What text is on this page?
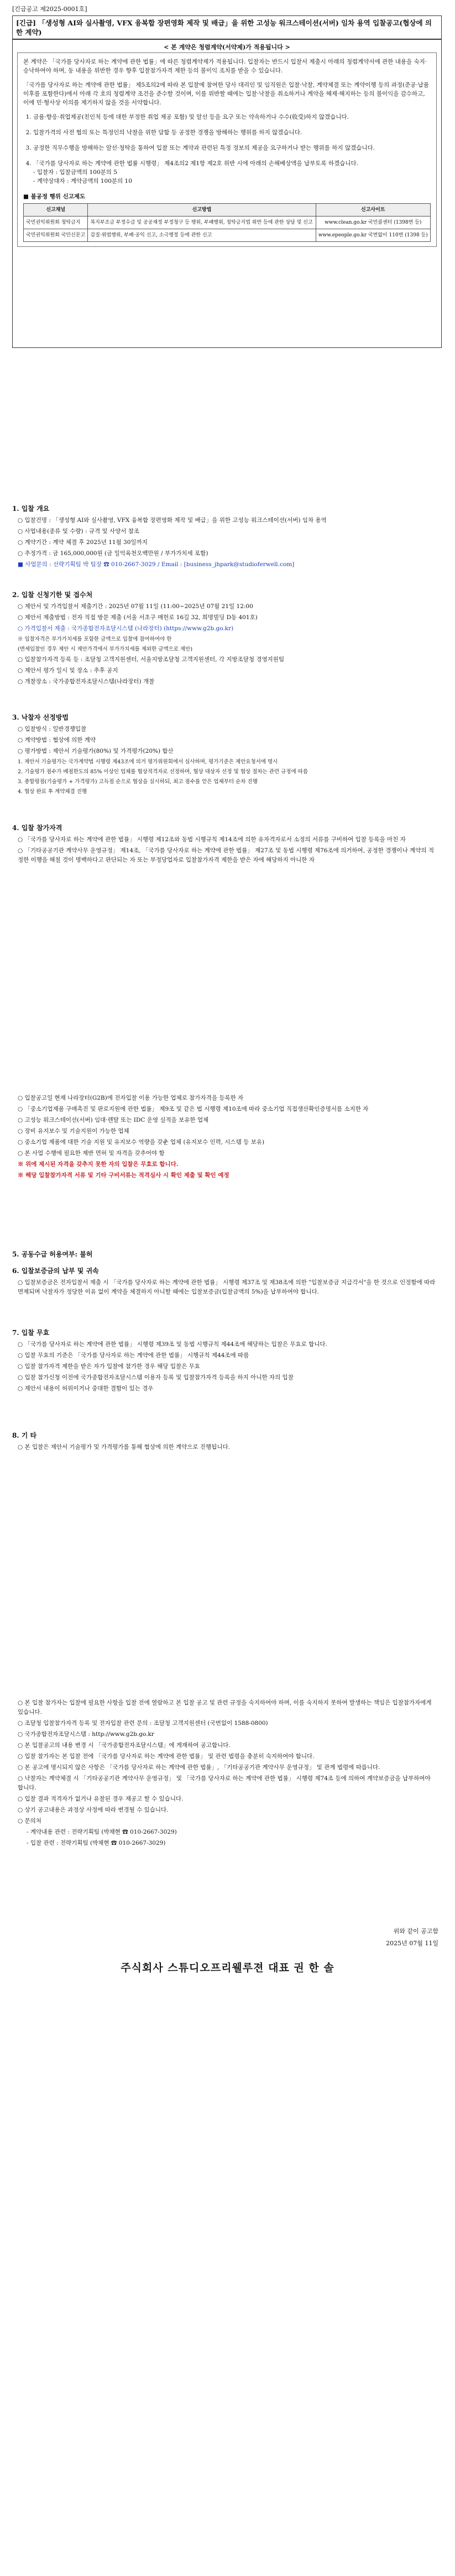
[긴급공고 제2025-0001호]
[긴급] 「생성형 AI와 실사촬영, VFX 융복합 장편영화 제작 및 배급」을 위한 고성능 워크스테이션(서버) 임차 용역 입찰공고(협상에 의한 계약)
< 본 계약은 청렴계약(서약제)가 적용됩니다 >

본 계약은 「국가를 당사자로 하는 계약에 관한 법률」에 따른 청렴계약제가 적용됩니다. 입찰자는 반드시 입찰서 제출시 아래의 청렴계약서에 관한 내용을 숙지·승낙하여야 하며, 동 내용을 위반한 경우 향후 입찰참가자격 제한 등의 불이익 조치를 받을 수 있습니다.

「국가를 당사자로 하는 계약에 관한 법률」 제5조의2에 따라 본 입찰에 참여한 당사 대리인 및 임직원은 입찰·낙찰, 계약체결 또는 계약이행 등의 과정(준공·납품 이후를 포함한다)에서 아래 각 호의 청렴계약 조건을 준수할 것이며, 이를 위반할 때에는 입찰·낙찰을 취소하거나 계약을 해제·해지하는 등의 불이익을 감수하고, 이에 민·형사상 이의를 제기하지 않을 것을 서약합니다.

1. 금품·향응·취업제공(친인척 등에 대한 부정한 취업 제공 포함) 및 알선 등을 요구 또는 약속하거나 수수(收受)하지 않겠습니다.
2. 입찰가격의 사전 협의 또는 특정인의 낙찰을 위한 담합 등 공정한 경쟁을 방해하는 행위를 하지 않겠습니다.
3. 공정한 직무수행을 방해하는 알선·청탁을 통하여 입찰 또는 계약과 관련된 특정 정보의 제공을 요구하거나 받는 행위를 하지 않겠습니다.
4. 「국가를 당사자로 하는 계약에 관한 법률 시행령」 제4조의2 제1항 제2호 위반 시에 아래의 손해배상액을 납부토록 하겠습니다.
- 입찰자 : 입찰금액의 100분의 5
- 계약상대자 : 계약금액의 100분의 10
■ 불공정 행위 신고제도
신고채널	신고방법	신고사이트
국민권익위원회 청탁금지	복지부조금 부정수급 및 공공재정 부정청구 등 행위, 부패행위, 청탁금지법 위반 등에 관한 상담 및 신고	www.clean.go.kr 국민콜센터 (1398번 등)
국민권익위원회 국민신문고	갑질·위법행위, 부패·공익 신고, 소극행정 등에 관한 신고	www.epeople.go.kr 국번없이 110번 (1398 등)
1. 입찰 개요

○ 입찰건명 : 「생성형 AI와 실사촬영, VFX 융복합 장편영화 제작 및 배급」을 위한 고성능 워크스테이션(서버) 임차 용역

○ 사업내용(종류 및 수량) : 규격 및 사양서 참조

○ 계약기간 : 계약 체결 후 2025년 11월 30일까지

○ 추정가격 : 금 165,000,000원 (금 일억육천오백만원 / 부가가치세 포함)

■ 사업문의 : 선략기획팀 박 팀장 ☎ 010-2667-3029 / Email : [business_jhpark@studioferwell.com]

2. 입찰 신청기한 및 접수처

○ 제안서 및 가격입찰서 제출기간 : 2025년 07월 11일 (11:00~2025년 07월 21일 12:00

○ 제안서 제출방법 : 전자 직접 방문 제출 (서울 서초구 매헌로 16길 32, 희명빌딩 D동 401호)

○ 가격입찰서 제출 : 국가종합전자조달시스템 (나라장터) (https://www.g2b.go.kr)

※ 입찰자격은 부가가치세를 포함한 금액으로 입찰에 참여하여야 한

(면세입찰인 경우 제안 시 제안가격에서 부가가치세를 제외한 금액으로 제안)

○ 입찰참가자격 등록 등 : 조달청 고객지원센터, 서울지방조달청 고객지원센터, 각 지방조달청 경영지원팀

○ 제안서 평가 일시 및 장소 : 추후 공지

○ 개찰장소 : 국가종합전자조달시스템(나라장터) 개찰

3. 낙찰자 선정방법

○ 입찰방식 : 일반경쟁입찰

○ 계약방법 : 협상에 의한 계약

○ 평가방법 : 제안서 기술평가(80%) 및 가격평가(20%) 합산

1. 제안서 기술평가는 국가계약법 시행령 제43조에 의거 평가위원회에서 심사하며, 평가기준은 제안요청서에 명시

2. 기술평가 점수가 배점한도의 85% 이상인 업체를 협상적격자로 선정하며, 협상 대상자 선정 및 협상 절차는 관련 규정에 따름

3. 종합평점(기술평가 + 가격평가) 고득점 순으로 협상을 실시하되, 최고 점수를 얻은 업체부터 순차 진행

4. 협상 완료 후 계약체결 진행

4. 입찰 참가자격

○ 「국가를 당사자로 하는 계약에 관한 법률」 시행령 제12조와 동법 시행규칙 제14조에 의한 유자격자로서 소정의 서류를 구비하여 입찰 등록을 마친 자

○ 「기타공공기관 계약사무 운영규정」 제14조, 「국가를 당사자로 하는 계약에 관한 법률」 제27조 및 동법 시행령 제76조에 의거하여, 공정한 경쟁이나 계약의 적정한 이행을 해칠 것이 명백하다고 판단되는 자 또는 부정당업자로 입찰참가자격 제한을 받은 자에 해당하지 아니한 자

○ 입찰공고일 현재 나라장터(G2B)에 전자입찰 이용 가능한 업체로 참가자격을 등록한 자

○ 「중소기업제품 구매촉진 및 판로지원에 관한 법률」 제9조 및 같은 법 시행령 제10조에 따라 중소기업 직접생산확인증명서를 소지한 자

○ 고성능 워크스테이션(서버) 임대·렌탈 또는 IDC 운영 실적을 보유한 업체

○ 장비 유지보수 및 기술지원이 가능한 업체

○ 중소기업 제품에 대한 기술 지원 및 유지보수 역량을 갖춘 업체 (유지보수 인력, 시스템 등 보유)

○ 본 사업 수행에 필요한 제반 면허 및 자격을 갖추어야 함

※ 위에 제시된 자격을 갖추지 못한 자의 입찰은 무효로 합니다.

※ 해당 입찰참가자격 서류 및 기타 구비서류는 적격심사 시 확인 제출 및 확인 예정

5. 공동수급 허용여부: 불허
6. 입찰보증금의 납부 및 귀속

○ 입찰보증금은 전자입찰서 제출 시 「국가를 당사자로 하는 계약에 관한 법률」 시행령 제37조 및 제38조에 의한 "입찰보증금 지급각서"을 한 것으로 인정함에 따라 면제되며 낙찰자가 정당한 이유 없이 계약을 체결하지 아니할 때에는 입찰보증금(입찰금액의 5%)을 납부하여야 합니다.

7. 입찰 무효

○ 「국가를 당사자로 하는 계약에 관한 법률」 시행령 제39조 및 동법 시행규칙 제44조에 해당하는 입찰은 무효로 합니다.

○ 입찰 무효의 기준은 「국가를 당사자로 하는 계약에 관한 법률」 시행규칙 제44조에 따름

○ 입찰 참가자격 제한을 받은 자가 입찰에 참가한 경우 해당 입찰은 무효

○ 입찰 참가신청 이전에 국가종합전자조달시스템 이용자 등록 및 입찰참가자격 등록을 하지 아니한 자의 입찰

○ 제안서 내용이 허위이거나 중대한 결함이 있는 경우

8. 기 타

○ 본 입찰은 제안서 기술평가 및 가격평가를 통해 협상에 의한 계약으로 진행됩니다.

○ 본 입찰 참가자는 입찰에 필요한 사항을 입찰 전에 열람하고 본 입찰 공고 및 관련 규정을 숙지하여야 하며, 이를 숙지하지 못하여 발생하는 책임은 입찰참가자에게 있습니다.

○ 조달청 입찰참가자격 등록 및 전자입찰 관련 문의 : 조달청 고객지원센터 (국번없이 1588-0800)

○ 국가종합전자조달시스템 : http://www.g2b.go.kr

○ 본 입찰공고의 내용 변경 시 「국가종합전자조달시스템」에 게재하여 공고합니다.

○ 입찰 참가자는 본 입찰 전에 「국가를 당사자로 하는 계약에 관한 법률」 및 관련 법령을 충분히 숙지하여야 합니다.

○ 본 공고에 명시되지 않은 사항은 「국가를 당사자로 하는 계약에 관한 법률」, 「기타공공기관 계약사무 운영규정」 및 관계 법령에 따릅니다.

○ 낙찰자는 계약체결 시 「기타공공기관 계약사무 운영규정」 및 「국가를 당사자로 하는 계약에 관한 법률」 시행령 제74조 등에 의하여 계약보증금을 납부하여야 합니다.

○ 입찰 결과 적격자가 없거나 유찰된 경우 재공고 할 수 있습니다.

○ 상기 공고내용은 과정상 사정에 따라 변경될 수 있습니다.

○ 문의처

- 계약내용 관련 : 전략기획팀 (박채현 ☎ 010-2667-3029)

- 입찰 관련 : 전략기획팀 (박채현 ☎ 010-2667-3029)

위와 같이 공고함
2025년 07월 11일
주식회사 스튜디오프리웰루젼 대표 권 한 솔
